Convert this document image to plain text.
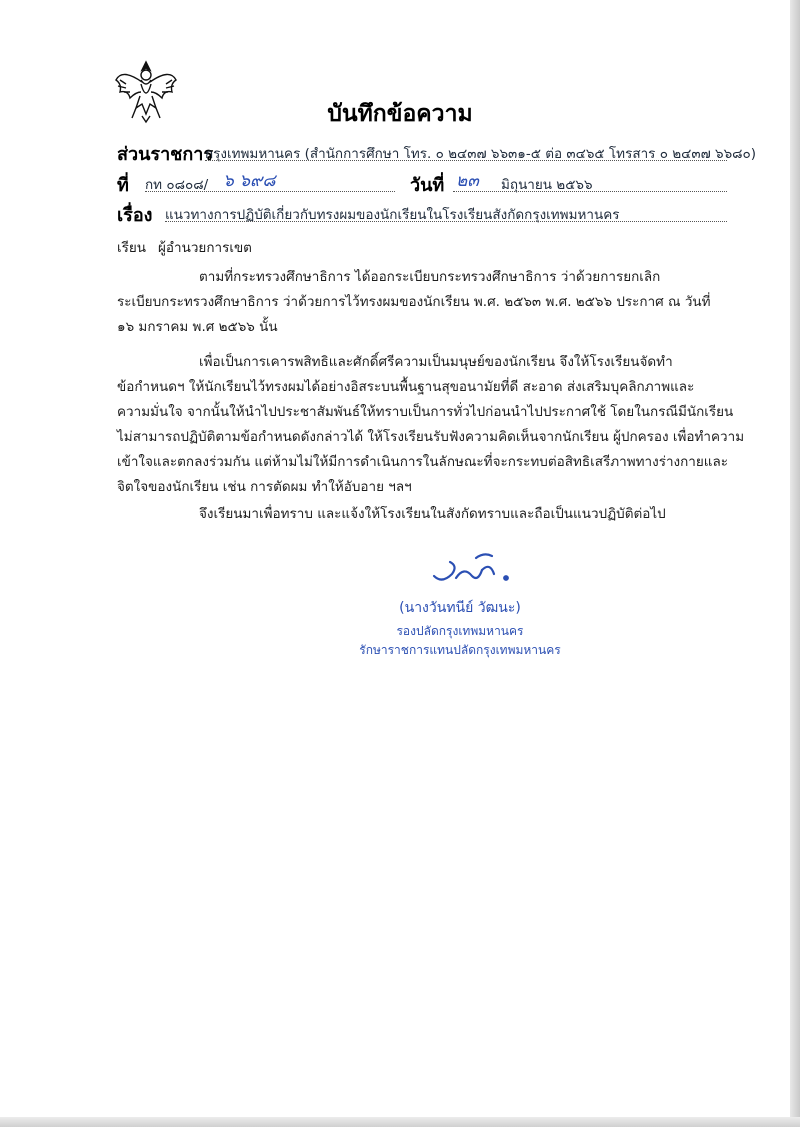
บันทึกข้อความ
ส่วนราชการ
กรุงเทพมหานคร (สำนักการศึกษา โทร. ๐ ๒๔๓๗ ๖๖๓๑-๕ ต่อ ๓๔๖๕ โทรสาร ๐ ๒๔๓๗ ๖๖๘๐)
ที่ กท ๐๘๐๘/ ๖ ๖๙๘	วันที่ ๒๓ มิถุนายน ๒๕๖๖
เรื่อง แนวทางการปฏิบัติเกี่ยวกับทรงผมของนักเรียนในโรงเรียนสังกัดกรุงเทพมหานคร
เรียน ผู้อำนวยการเขต
ตามที่กระทรวงศึกษาธิการ ได้ออกระเบียบกระทรวงศึกษาธิการ ว่าด้วยการยกเลิก
ระเบียบกระทรวงศึกษาธิการ ว่าด้วยการไว้ทรงผมของนักเรียน พ.ศ. ๒๕๖๓ พ.ศ. ๒๕๖๖ ประกาศ ณ วันที่
๑๖ มกราคม พ.ศ ๒๕๖๖ นั้น
เพื่อเป็นการเคารพสิทธิและศักดิ์ศรีความเป็นมนุษย์ของนักเรียน จึงให้โรงเรียนจัดทำ
ข้อกำหนดฯ ให้นักเรียนไว้ทรงผมได้อย่างอิสระบนพื้นฐานสุขอนามัยที่ดี สะอาด ส่งเสริมบุคลิกภาพและ
ความมั่นใจ จากนั้นให้นำไปประชาสัมพันธ์ให้ทราบเป็นการทั่วไปก่อนนำไปประกาศใช้ โดยในกรณีมีนักเรียน
ไม่สามารถปฏิบัติตามข้อกำหนดดังกล่าวได้ ให้โรงเรียนรับฟังความคิดเห็นจากนักเรียน ผู้ปกครอง เพื่อทำความ
เข้าใจและตกลงร่วมกัน แต่ห้ามไม่ให้มีการดำเนินการในลักษณะที่จะกระทบต่อสิทธิเสรีภาพทางร่างกายและ
จิตใจของนักเรียน เช่น การตัดผม ทำให้อับอาย ฯลฯ
จึงเรียนมาเพื่อทราบ และแจ้งให้โรงเรียนในสังกัดทราบและถือเป็นแนวปฏิบัติต่อไป
(นางวันทนีย์ วัฒนะ)
รองปลัดกรุงเทพมหานคร
รักษาราชการแทนปลัดกรุงเทพมหานคร
